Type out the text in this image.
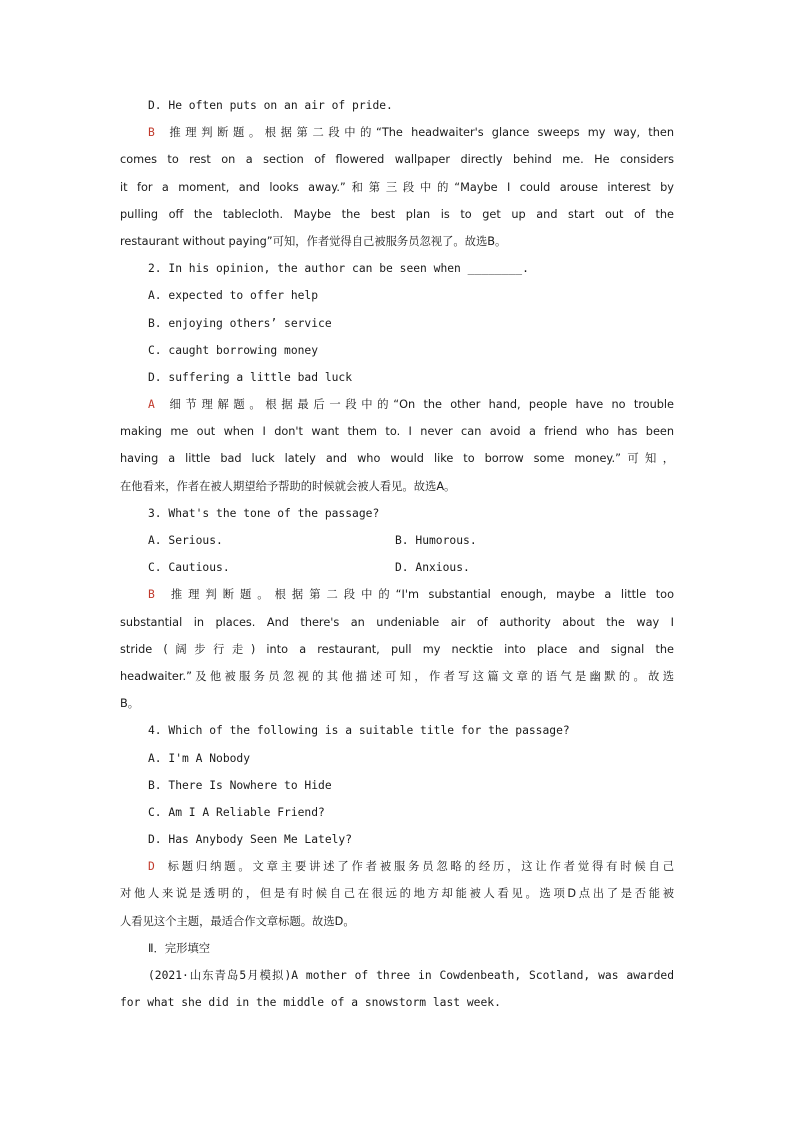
D. He often puts on an air of pride.
B 推理判断题。根据第二段中的“The headwaiter's glance sweeps my way, then
comes to rest on a section of flowered wallpaper directly behind me. He considers
it for a moment, and looks away.”和第三段中的“Maybe I could arouse interest by
pulling off the tablecloth. Maybe the best plan is to get up and start out of the
restaurant without paying”可知，作者觉得自己被服务员忽视了。故选B。
2. In his opinion, the author can be seen when ________.
A. expected to offer help
B. enjoying others’ service
C. caught borrowing money
D. suffering a little bad luck
A 细节理解题。根据最后一段中的“On the other hand, people have no trouble
making me out when I don't want them to. I never can avoid a friend who has been
having a little bad luck lately and who would like to borrow some money.”可知，
在他看来，作者在被人期望给予帮助的时候就会被人看见。故选A。
3. What's the tone of the passage?
A. Serious.	B. Humorous.
C. Cautious.	D. Anxious.
B 推理判断题。根据第二段中的“I'm substantial enough, maybe a little too
substantial in places. And there's an undeniable air of authority about the way I
stride (阔步行走) into a restaurant, pull my necktie into place and signal the
headwaiter.”及他被服务员忽视的其他描述可知，作者写这篇文章的语气是幽默的。故选
B。
4. Which of the following is a suitable title for the passage?
A. I'm A Nobody
B. There Is Nowhere to Hide
C. Am I A Reliable Friend?
D. Has Anybody Seen Me Lately?
D 标题归纳题。文章主要讲述了作者被服务员忽略的经历，这让作者觉得有时候自己
对他人来说是透明的，但是有时候自己在很远的地方却能被人看见。选项D点出了是否能被
人看见这个主题，最适合作文章标题。故选D。
Ⅱ．完形填空
(2021·山东青岛5月模拟)A mother of three in Cowdenbeath, Scotland, was awarded
for what she did in the middle of a snowstorm last week.
